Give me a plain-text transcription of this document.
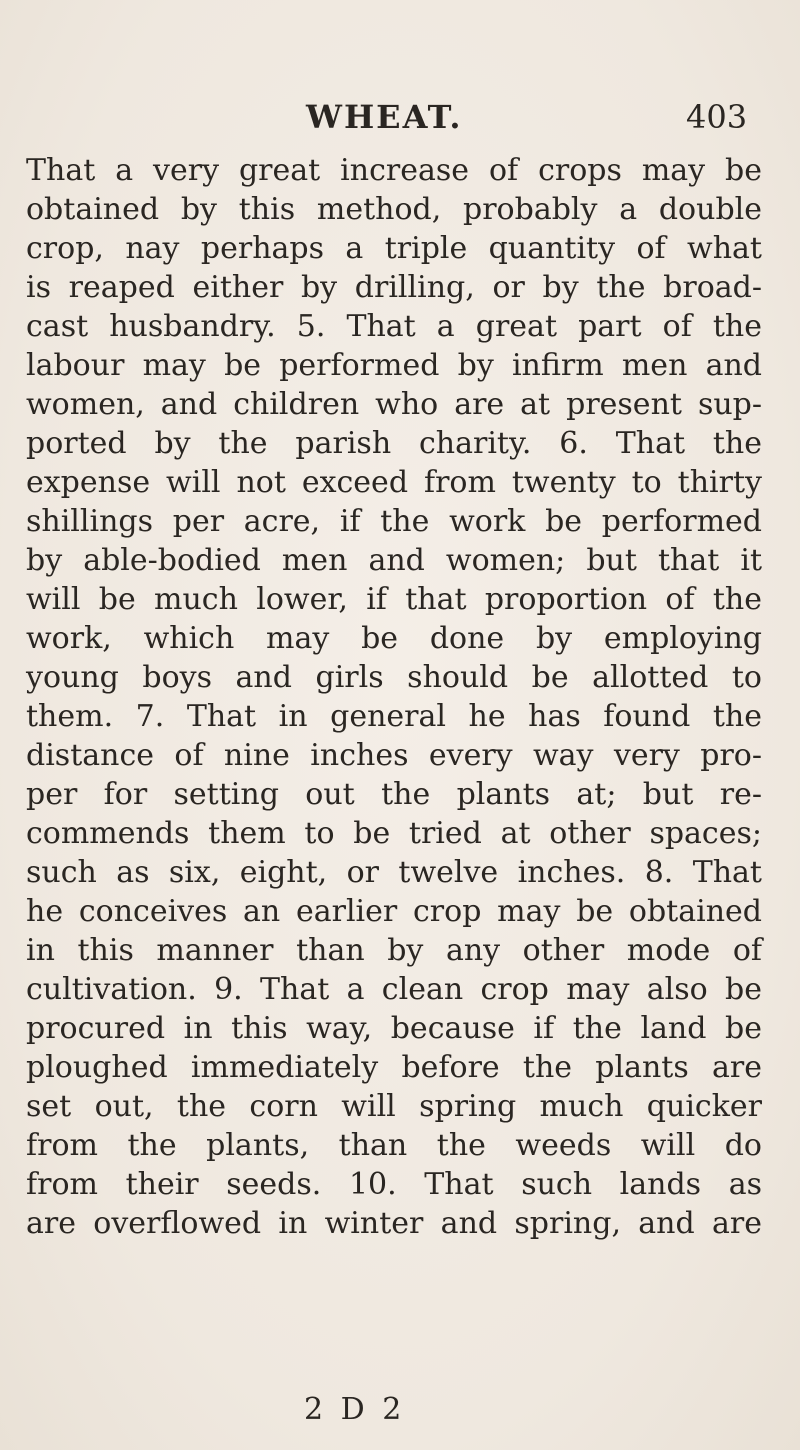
WHEAT.	403
That a very great increase of crops may be
obtained by this method, probably a double
crop, nay perhaps a triple quantity of what
is reaped either by drilling, or by the broad-
cast husbandry. 5. That a great part of the
labour may be performed by infirm men and
women, and children who are at present sup-
ported by the parish charity. 6. That the
expense will not exceed from twenty to thirty
shillings per acre, if the work be performed
by able-bodied men and women; but that it
will be much lower, if that proportion of the
work, which may be done by employing
young boys and girls should be allotted to
them. 7. That in general he has found the
distance of nine inches every way very pro-
per for setting out the plants at; but re-
commends them to be tried at other spaces;
such as six, eight, or twelve inches. 8. That
he conceives an earlier crop may be obtained
in this manner than by any other mode of
cultivation. 9. That a clean crop may also be
procured in this way, because if the land be
ploughed immediately before the plants are
set out, the corn will spring much quicker
from the plants, than the weeds will do
from their seeds. 10. That such lands as
are overflowed in winter and spring, and are
2 D 2
